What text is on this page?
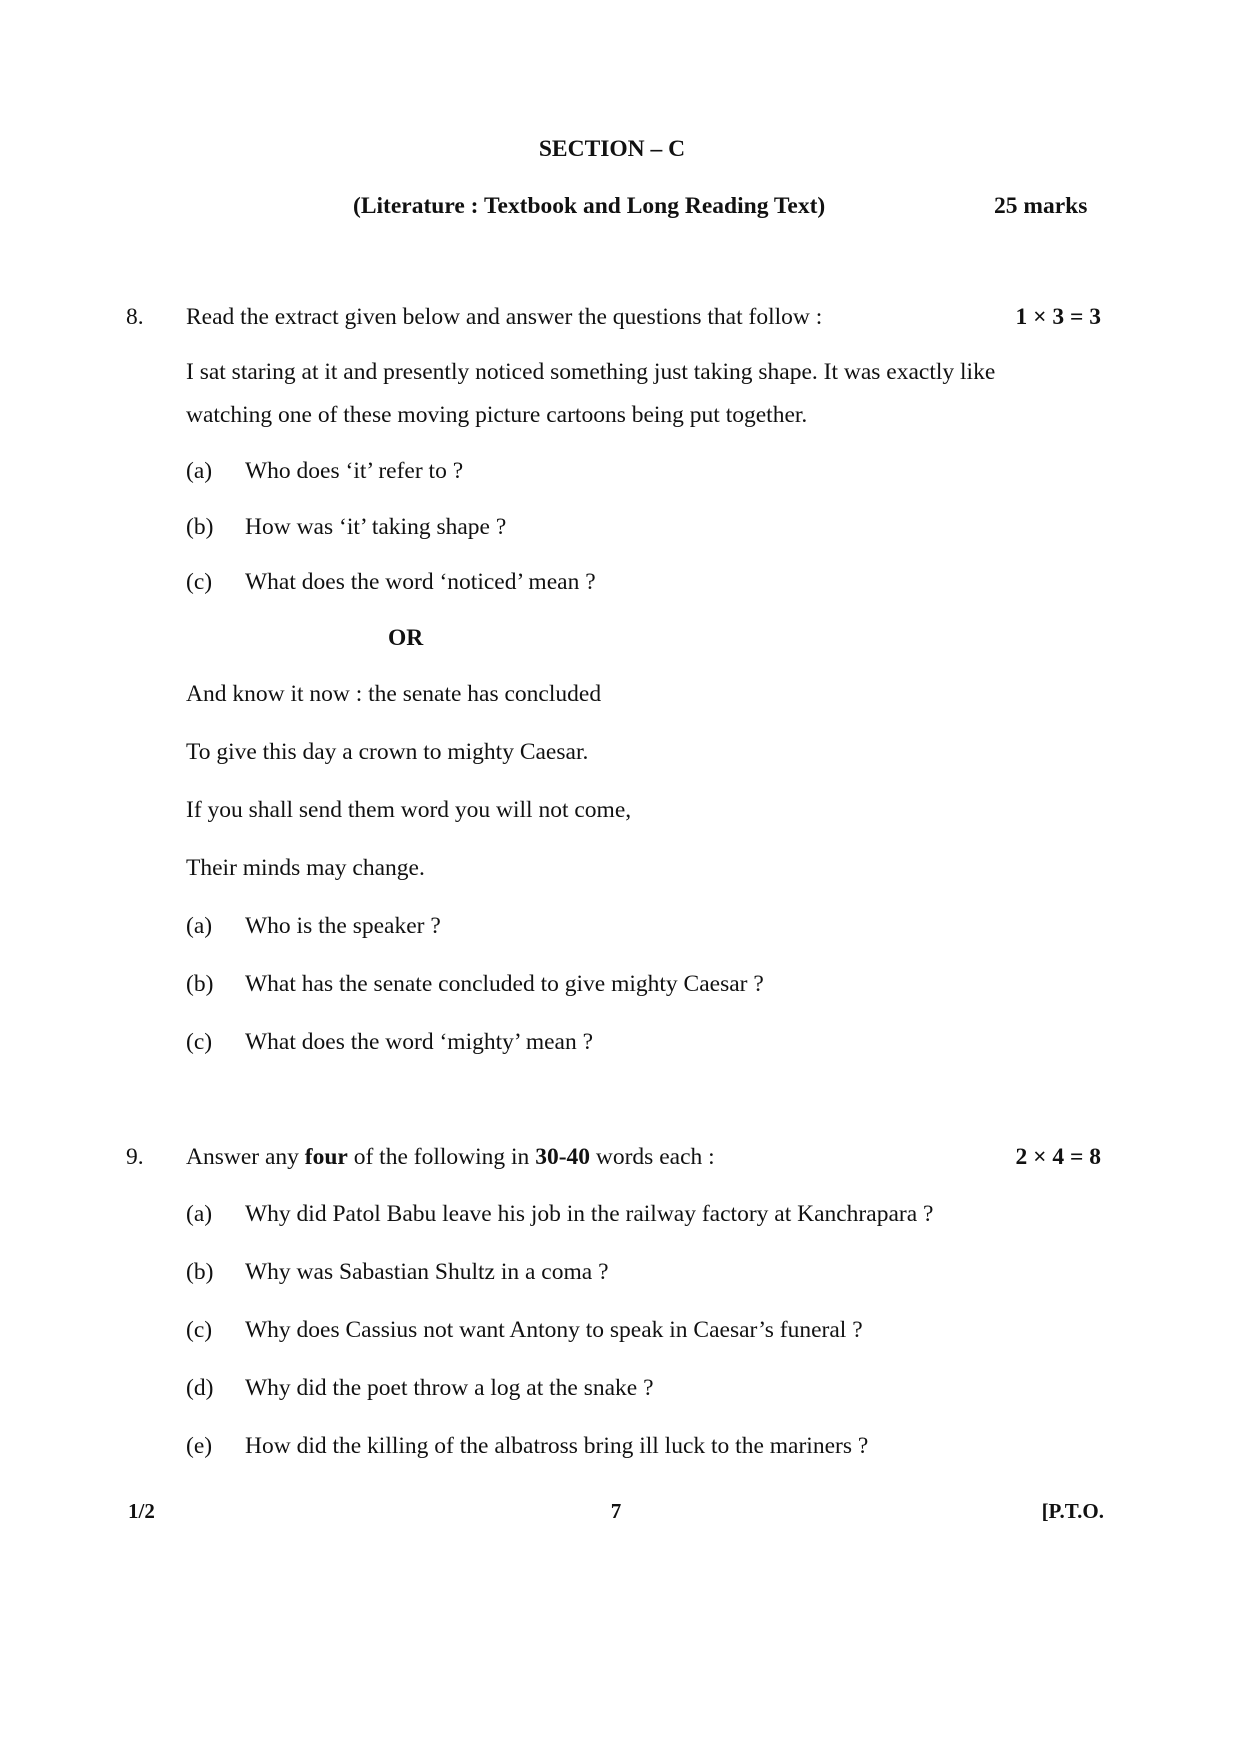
SECTION – C
(Literature : Textbook and Long Reading Text)	25 marks
8. Read the extract given below and answer the questions that follow :	1 × 3 = 3
I sat staring at it and presently noticed something just taking shape. It was exactly like
watching one of these moving picture cartoons being put together.
(a) Who does ‘it’ refer to ?
(b) How was ‘it’ taking shape ?
(c) What does the word ‘noticed’ mean ?
OR
And know it now : the senate has concluded
To give this day a crown to mighty Caesar.
If you shall send them word you will not come,
Their minds may change.
(a) Who is the speaker ?
(b) What has the senate concluded to give mighty Caesar ?
(c) What does the word ‘mighty’ mean ?
9. Answer any four of the following in 30-40 words each :	2 × 4 = 8
(a) Why did Patol Babu leave his job in the railway factory at Kanchrapara ?
(b) Why was Sabastian Shultz in a coma ?
(c) Why does Cassius not want Antony to speak in Caesar’s funeral ?
(d) Why did the poet throw a log at the snake ?
(e) How did the killing of the albatross bring ill luck to the mariners ?
1/2	7	[P.T.O.
